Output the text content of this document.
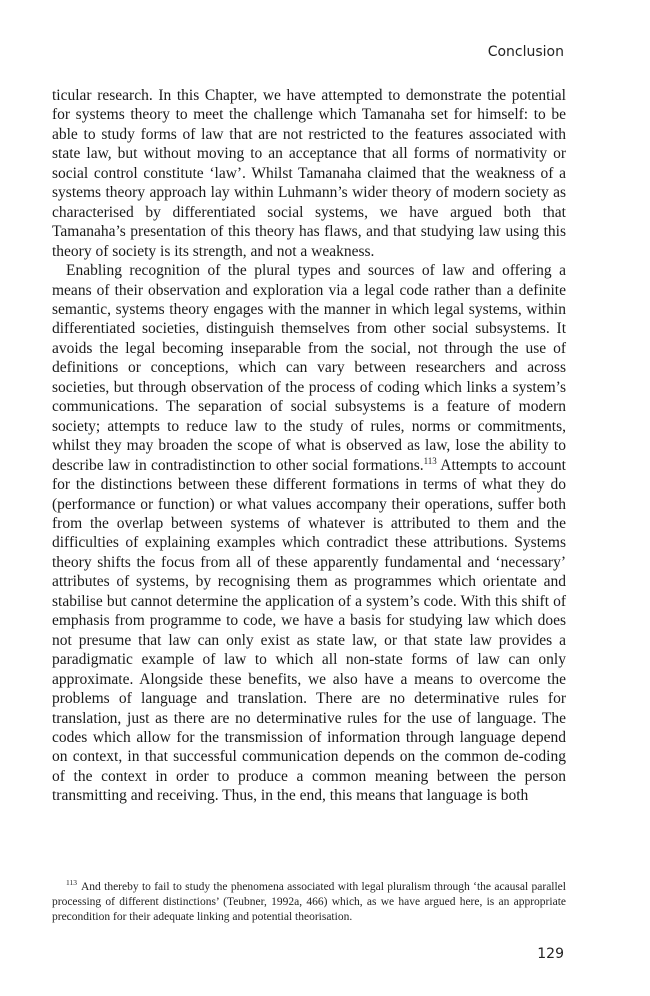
Conclusion

ticular research. In this Chapter, we have attempted to demonstrate the potential for systems theory to meet the challenge which Tamanaha set for himself: to be able to study forms of law that are not restricted to the features associated with state law, but without moving to an acceptance that all forms of normativity or social control constitute ‘law’. Whilst Tamanaha claimed that the weakness of a systems theory approach lay within Luhmann’s wider theory of modern society as characterised by differentiated social systems, we have argued both that Tamanaha’s presentation of this theory has flaws, and that studying law using this theory of society is its strength, and not a weakness.

Enabling recognition of the plural types and sources of law and offering a means of their observation and exploration via a legal code rather than a definite semantic, systems theory engages with the manner in which legal systems, within differentiated societies, distinguish themselves from other social subsystems. It avoids the legal becoming inseparable from the social, not through the use of definitions or conceptions, which can vary between researchers and across societies, but through observation of the process of coding which links a system’s communications. The separation of social subsystems is a feature of modern society; attempts to reduce law to the study of rules, norms or commitments, whilst they may broaden the scope of what is observed as law, lose the ability to describe law in contradistinction to other social formations.$^{113}$ Attempts to account for the distinctions between these different formations in terms of what they do (performance or function) or what values accompany their operations, suffer both from the overlap between systems of whatever is attributed to them and the difficulties of explaining examples which contradict these attributions. Systems theory shifts the focus from all of these apparently fundamental and ‘necessary’ attributes of systems, by recognising them as programmes which orientate and stabilise but cannot determine the application of a system’s code. With this shift of emphasis from programme to code, we have a basis for studying law which does not presume that law can only exist as state law, or that state law provides a paradigmatic example of law to which all non-state forms of law can only approximate. Alongside these benefits, we also have a means to overcome the problems of language and translation. There are no determinative rules for translation, just as there are no determinative rules for the use of language. The codes which allow for the transmission of information through language depend on context, in that successful communication depends on the common de-coding of the context in order to produce a common meaning between the person transmitting and receiving. Thus, in the end, this means that language is both

$^{113}$ And thereby to fail to study the phenomena associated with legal pluralism through ‘the acausal parallel processing of different distinctions’ (Teubner, 1992a, 466) which, as we have argued here, is an appropriate precondition for their adequate linking and potential theorisation.
129
